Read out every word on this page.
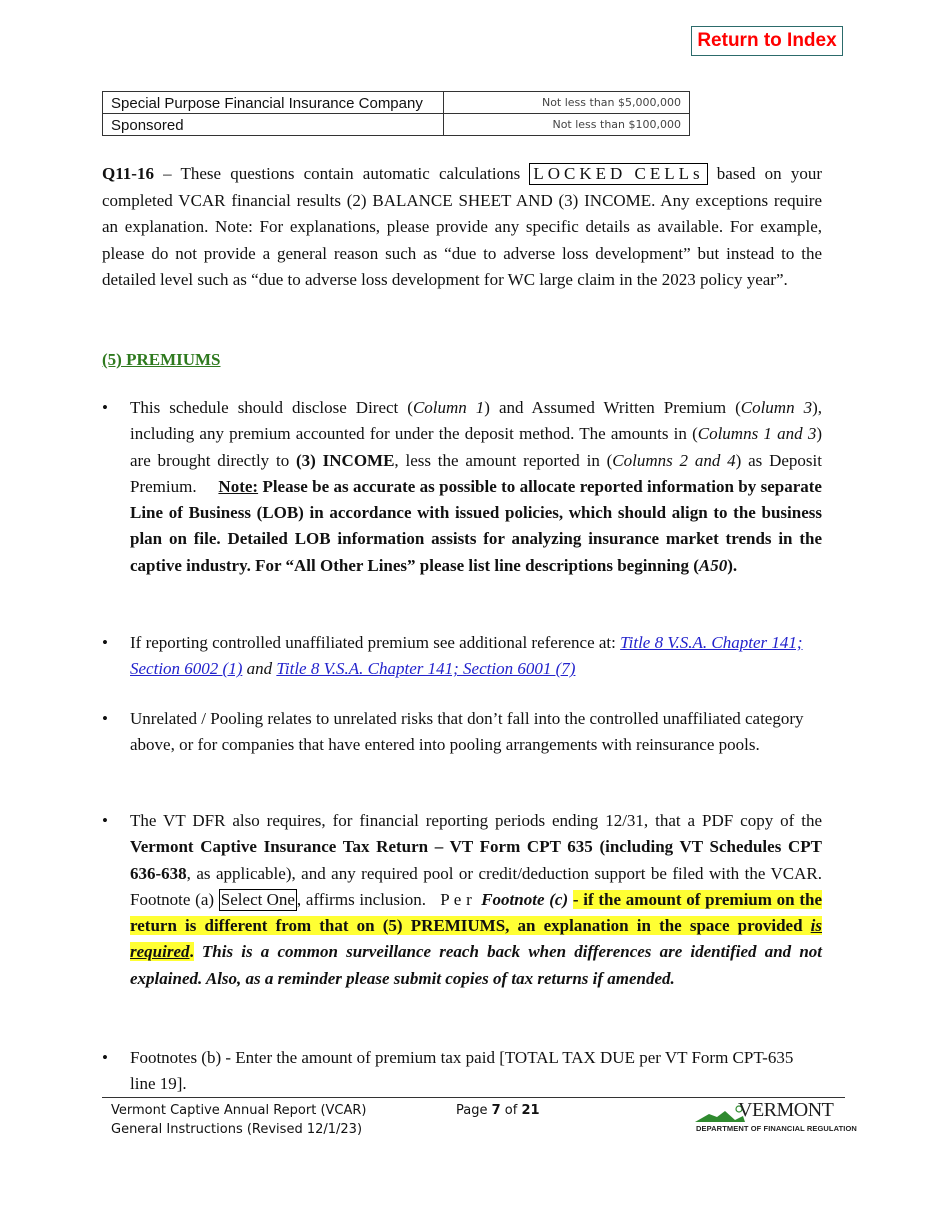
Return to Index
Special Purpose Financial Insurance Company	Not less than $5,000,000
Sponsored	Not less than $100,000
Q11-16 – These questions contain automatic calculations LOCKED CELLs based on your completed VCAR financial results (2) BALANCE SHEET AND (3) INCOME. Any exceptions require an explanation. Note: For explanations, please provide any specific details as available. For example, please do not provide a general reason such as “due to adverse loss development” but instead to the detailed level such as “due to adverse loss development for WC large claim in the 2023 policy year”.
(5) PREMIUMS
• This schedule should disclose Direct (Column 1) and Assumed Written Premium (Column 3), including any premium accounted for under the deposit method. The amounts in (Columns 1 and 3) are brought directly to (3) INCOME, less the amount reported in (Columns 2 and 4) as Deposit Premium.     Note: Please be as accurate as possible to allocate reported information by separate Line of Business (LOB) in accordance with issued policies, which should align to the business plan on file. Detailed LOB information assists for analyzing insurance market trends in the captive industry. For “All Other Lines” please list line descriptions beginning (A50).
• If reporting controlled unaffiliated premium see additional reference at: Title 8 V.S.A. Chapter 141; Section 6002 (1) and Title 8 V.S.A. Chapter 141; Section 6001 (7)
• Unrelated / Pooling relates to unrelated risks that don’t fall into the controlled unaffiliated category above, or for companies that have entered into pooling arrangements with reinsurance pools.
• The VT DFR also requires, for financial reporting periods ending 12/31, that a PDF copy of the Vermont Captive Insurance Tax Return – VT Form CPT 635 (including VT Schedules CPT 636-638, as applicable), and any required pool or credit/deduction support be filed with the VCAR. Footnote (a) Select One , affirms inclusion.   P e r  Footnote (c) - if the amount of premium on the return is different from that on (5) PREMIUMS, an explanation in the space provided is required. This is a common surveillance reach back when differences are identified and not explained. Also, as a reminder please submit copies of tax returns if amended.
• Footnotes (b) - Enter the amount of premium tax paid [TOTAL TAX DUE per VT Form CPT-635 line 19].
Vermont Captive Annual Report (VCAR)
General Instructions (Revised 12/1/23)
Page 7 of 21	VERMONT
DEPARTMENT OF FINANCIAL REGULATION
